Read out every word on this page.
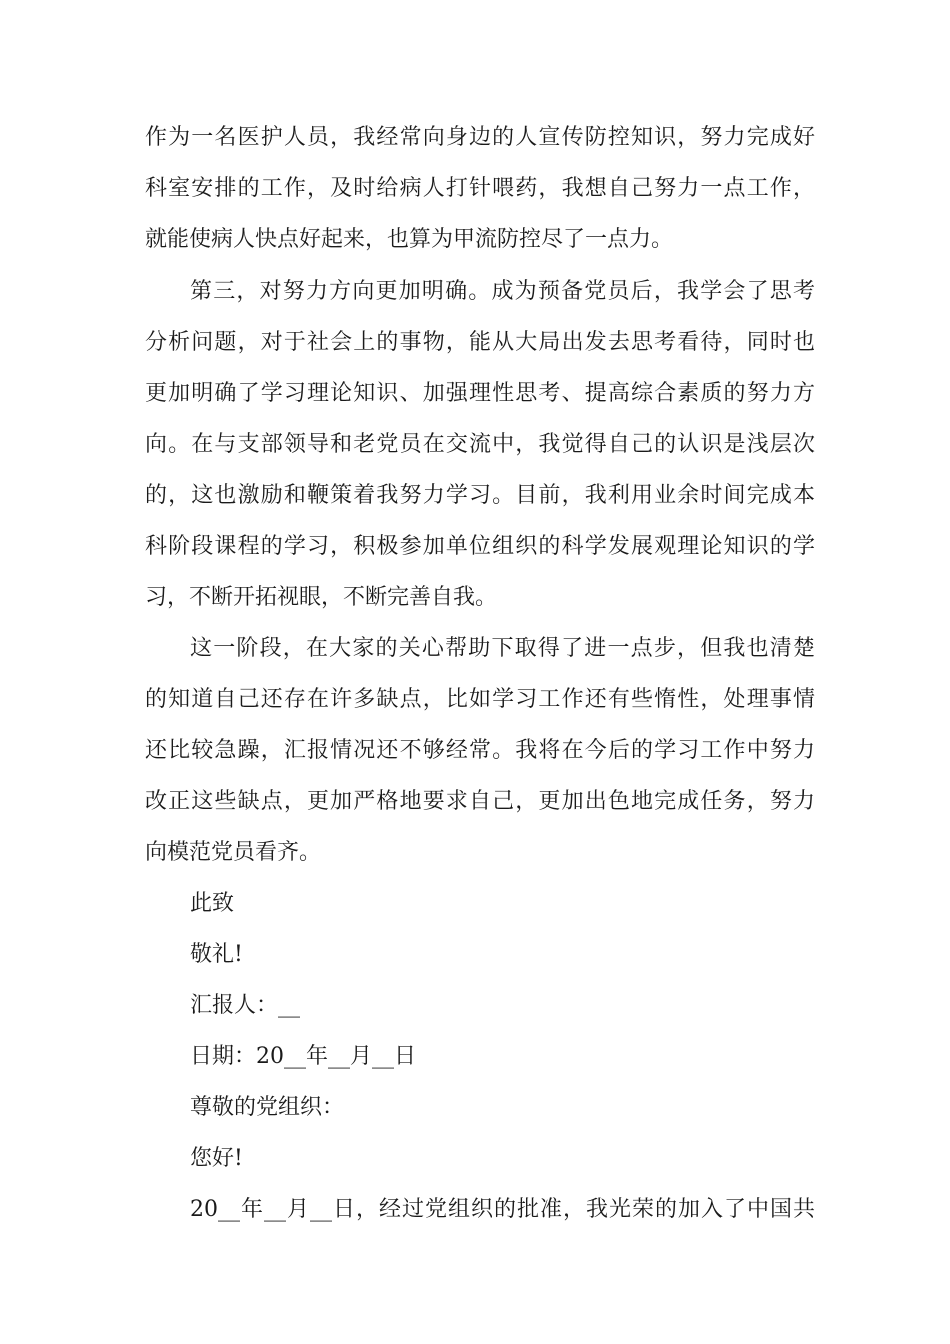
作为一名医护人员，我经常向身边的人宣传防控知识，努力完成好
科室安排的工作，及时给病人打针喂药，我想自己努力一点工作，
就能使病人快点好起来，也算为甲流防控尽了一点力。
第三，对努力方向更加明确。成为预备党员后，我学会了思考
分析问题，对于社会上的事物，能从大局出发去思考看待，同时也
更加明确了学习理论知识、加强理性思考、提高综合素质的努力方
向。在与支部领导和老党员在交流中，我觉得自己的认识是浅层次
的，这也激励和鞭策着我努力学习。目前，我利用业余时间完成本
科阶段课程的学习，积极参加单位组织的科学发展观理论知识的学
习，不断开拓视眼，不断完善自我。
这一阶段，在大家的关心帮助下取得了进一点步，但我也清楚
的知道自己还存在许多缺点，比如学习工作还有些惰性，处理事情
还比较急躁，汇报情况还不够经常。我将在今后的学习工作中努力
改正这些缺点，更加严格地要求自己，更加出色地完成任务，努力
向模范党员看齐。
此致
敬礼!
汇报人：__
日期：20__年__月__日
尊敬的党组织：
您好!
20__年__月__日，经过党组织的批准，我光荣的加入了中国共
